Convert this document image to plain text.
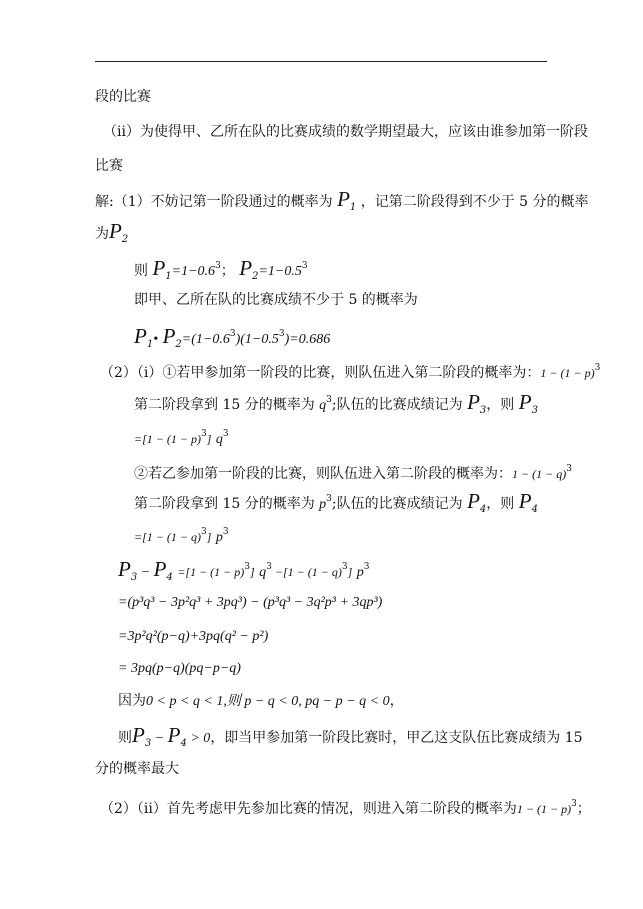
段的比赛
（ii）为使得甲、乙所在队的比赛成绩的数学期望最大，应该由谁参加第一阶段
比赛
解:（1）不妨记第一阶段通过的概率为 $P_1$ ，记第二阶段得到不少于 5 分的概率
为$P_2$
则 $P_1=1-0.6^3$； $P_2=1-0.5^3$
即甲、乙所在队的比赛成绩不少于 5 的概率为
$P_1•$ $P_2=(1-0.6^3)(1-0.5^3)=0.686$
（2）（i）①若甲参加第一阶段的比赛，则队伍进入第二阶段的概率为：$1 - (1 - p)^3$
第二阶段拿到 15 分的概率为 $q^3$;队伍的比赛成绩记为 $P_3$，则 $P_3$
$=[1 - (1 - p)^3]$ $q^3$
②若乙参加第一阶段的比赛，则队伍进入第二阶段的概率为：$1 - (1 - q)^3$
第二阶段拿到 15 分的概率为 $p^3$;队伍的比赛成绩记为 $P_4$，则 $P_4$
$=[1 - (1 - q)^3]$ $p^3$
$P_3 - P_4 =[1 - (1 - p)^3]$ $q^3 -[1 - (1 - q)^3]$ $p^3$
=(p³q³ − 3p²q³ + 3pq³) − (p³q³ − 3q²p³ + 3qp³)
=3p²q²(p−q)+3pq(q² − p²)
= 3pq(p−q)(pq−p−q)
因为0 < p < q < 1,则 p − q < 0, pq − p − q < 0，
则$P_3 - P_4 > 0$，即当甲参加第一阶段比赛时，甲乙这支队伍比赛成绩为 15
分的概率最大
（2）（ii）首先考虑甲先参加比赛的情况，则进入第二阶段的概率为$1 - (1 - p)^3$；
